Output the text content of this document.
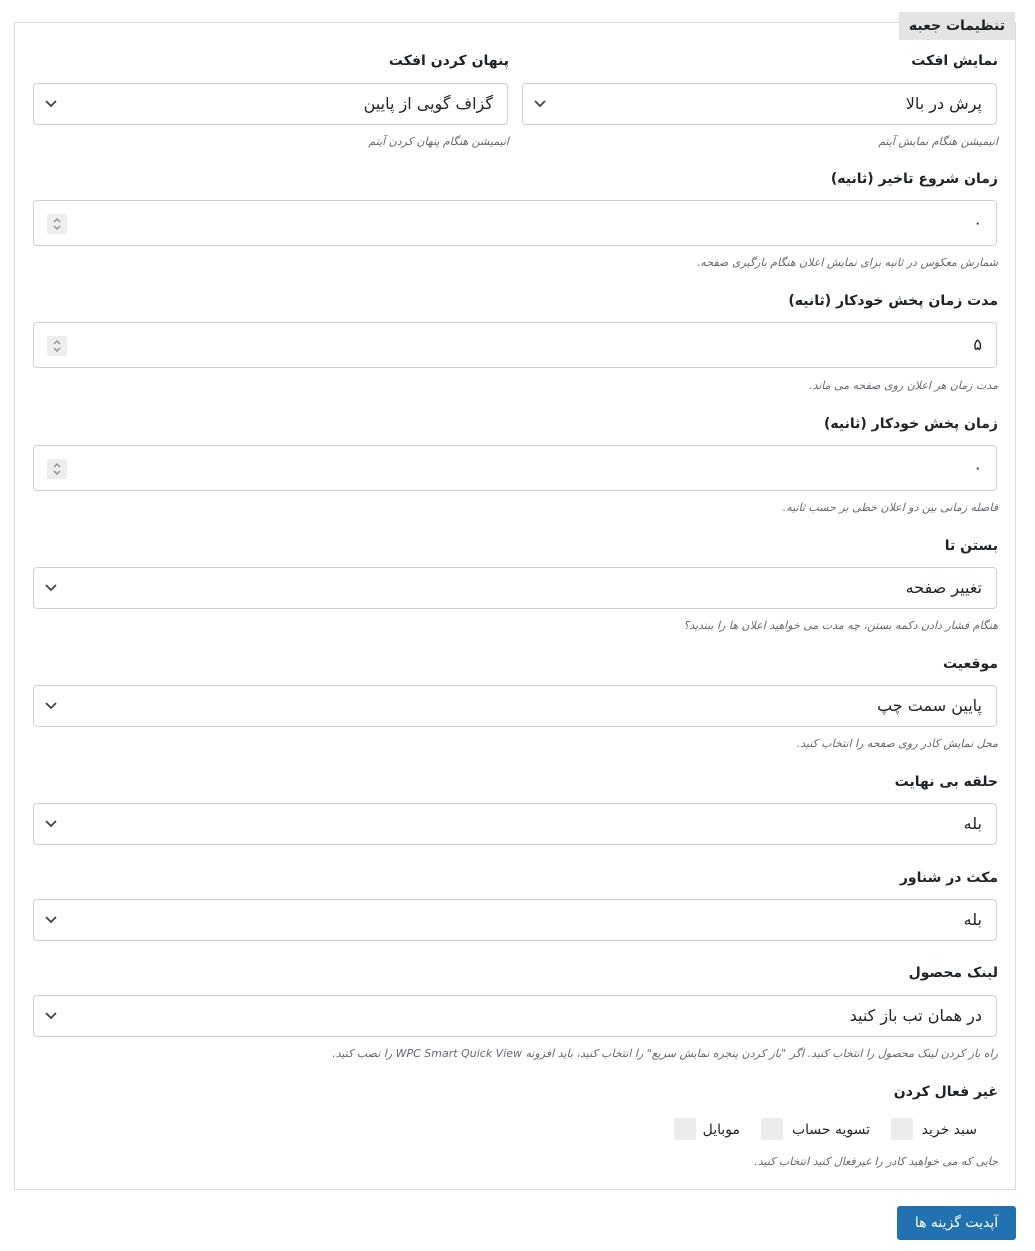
تنظیمات جعبه
نمایش افکت
پنهان کردن افکت
پرش در بالا
گزاف گویی از پایین
انیمیشن هنگام نمایش آیتم
انیمیشن هنگام پنهان کردن آیتم
زمان شروع تاخیر (ثانیه)
۰
شمارش معکوس در ثانیه برای نمایش اعلان هنگام بارگیری صفحه.
مدت زمان پخش خودکار (ثانیه)
۵
مدت زمان هر اعلان روی صفحه می ماند.
زمان پخش خودکار (ثانیه)
۰
فاصله زمانی بین دو اعلان خطی بر حسب ثانیه.
بستن تا
تغییر صفحه
هنگام فشار دادن دکمه بستن، چه مدت می خواهید اعلان ها را ببندید؟
موقعیت
پایین سمت چپ
محل نمایش کادر روی صفحه را انتخاب کنید.
حلقه بی نهایت
بله
مکث در شناور
بله
لینک محصول
در همان تب باز کنید
راه باز کردن لینک محصول را انتخاب کنید. اگر "باز کردن پنجره نمایش سریع" را انتخاب کنید، باید افزونه WPC Smart Quick View را نصب کنید.
غیر فعال کردن
سبد خرید
تسویه حساب
موبایل
جایی که می خواهید کادر را غیرفعال کنید انتخاب کنید.
آپدیت گزینه ها
